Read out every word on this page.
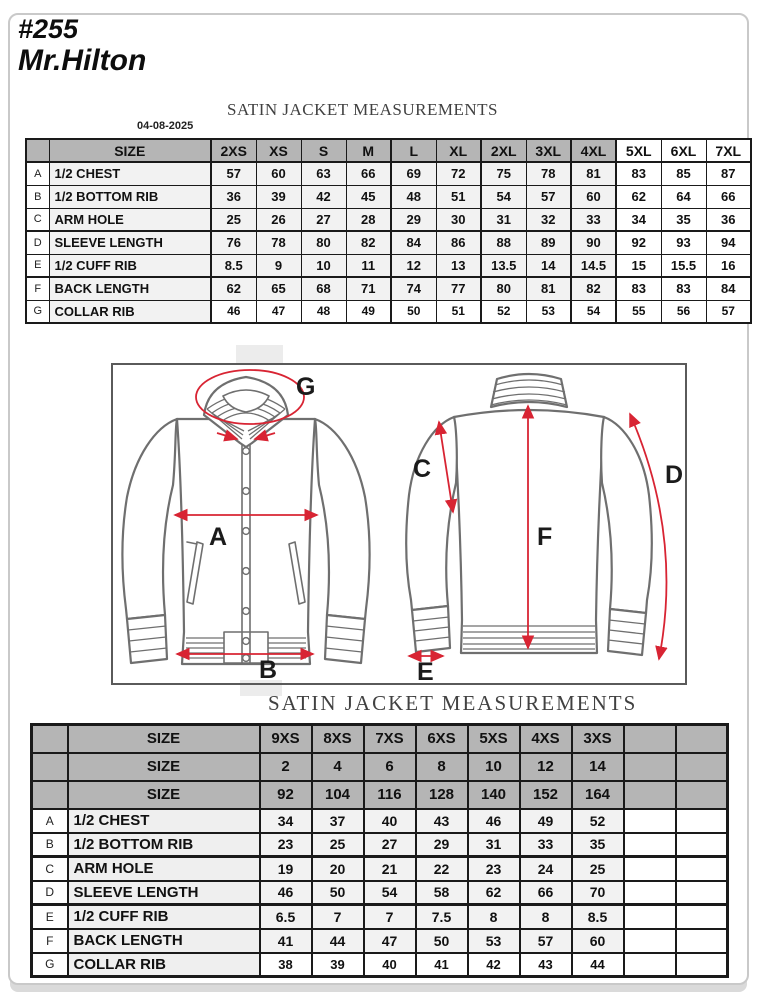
#255
Mr.Hilton
SATIN JACKET MEASUREMENTS
04-08-2025
	SIZE	2XS	XS	S	M	L	XL	2XL	3XL	4XL	5XL	6XL	7XL
A	1/2 CHEST	57	60	63	66	69	72	75	78	81	83	85	87
B	1/2 BOTTOM RIB	36	39	42	45	48	51	54	57	60	62	64	66
C	ARM HOLE	25	26	27	28	29	30	31	32	33	34	35	36
D	SLEEVE LENGTH	76	78	80	82	84	86	88	89	90	92	93	94
E	1/2 CUFF RIB	8.5	9	10	11	12	13	13.5	14	14.5	15	15.5	16
F	BACK LENGTH	62	65	68	71	74	77	80	81	82	83	83	84
G	COLLAR RIB	46	47	48	49	50	51	52	53	54	55	56	57
G
A
B
C	D
E
F
SATIN JACKET MEASUREMENTS
	SIZE	9XS	8XS	7XS	6XS	5XS	4XS	3XS		
	SIZE	2	4	6	8	10	12	14		
	SIZE	92	104	116	128	140	152	164		
A	1/2 CHEST	34	37	40	43	46	49	52		
B	1/2 BOTTOM RIB	23	25	27	29	31	33	35		
C	ARM HOLE	19	20	21	22	23	24	25		
D	SLEEVE LENGTH	46	50	54	58	62	66	70		
E	1/2 CUFF RIB	6.5	7	7	7.5	8	8	8.5		
F	BACK LENGTH	41	44	47	50	53	57	60		
G	COLLAR RIB	38	39	40	41	42	43	44		
